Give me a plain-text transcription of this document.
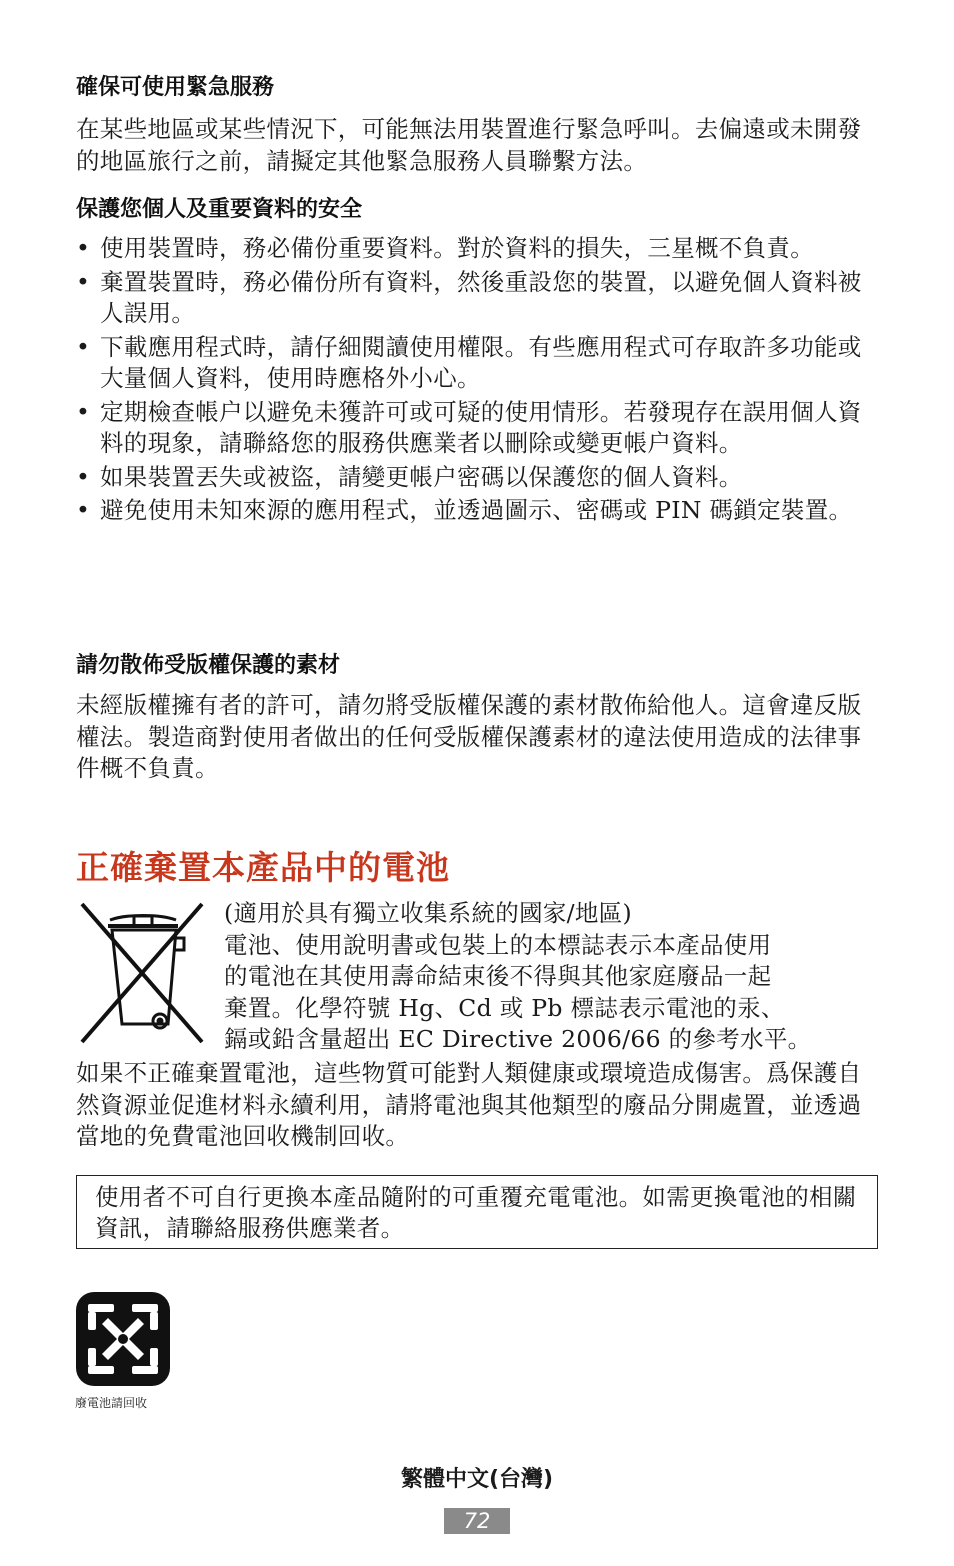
確保可使用緊急服務

在某些地區或某些情況下，可能無法用裝置進行緊急呼叫。去偏遠或未開發的地區旅行之前，請擬定其他緊急服務人員聯繫方法。

保護您個人及重要資料的安全
• 使用裝置時，務必備份重要資料。對於資料的損失，三星概不負責。
• 棄置裝置時，務必備份所有資料，然後重設您的裝置，以避免個人資料被人誤用。
• 下載應用程式時，請仔細閱讀使用權限。有些應用程式可存取許多功能或大量個人資料，使用時應格外小心。
• 定期檢查帳户以避免未獲許可或可疑的使用情形。若發現存在誤用個人資料的現象，請聯絡您的服務供應業者以刪除或變更帳户資料。
• 如果裝置丟失或被盜，請變更帳户密碼以保護您的個人資料。
• 避免使用未知來源的應用程式，並透過圖示、密碼或 PIN 碼鎖定裝置。
請勿散佈受版權保護的素材

未經版權擁有者的許可，請勿將受版權保護的素材散佈給他人。這會違反版權法。製造商對使用者做出的任何受版權保護素材的違法使用造成的法律事件概不負責。

正確棄置本產品中的電池
(適用於具有獨立收集系統的國家/地區)
電池、使用說明書或包裝上的本標誌表示本產品使用
的電池在其使用壽命結束後不得與其他家庭廢品一起
棄置。化學符號 Hg、Cd 或 Pb 標誌表示電池的汞、
鎘或鉛含量超出 EC Directive 2006/66 的參考水平。

如果不正確棄置電池，這些物質可能對人類健康或環境造成傷害。爲保護自然資源並促進材料永續利用，請將電池與其他類型的廢品分開處置，並透過當地的免費電池回收機制回收。

使用者不可自行更換本產品隨附的可重覆充電電池。如需更換電池的相關資訊，請聯絡服務供應業者。
廢電池請回收
繁體中文(台灣)
72
